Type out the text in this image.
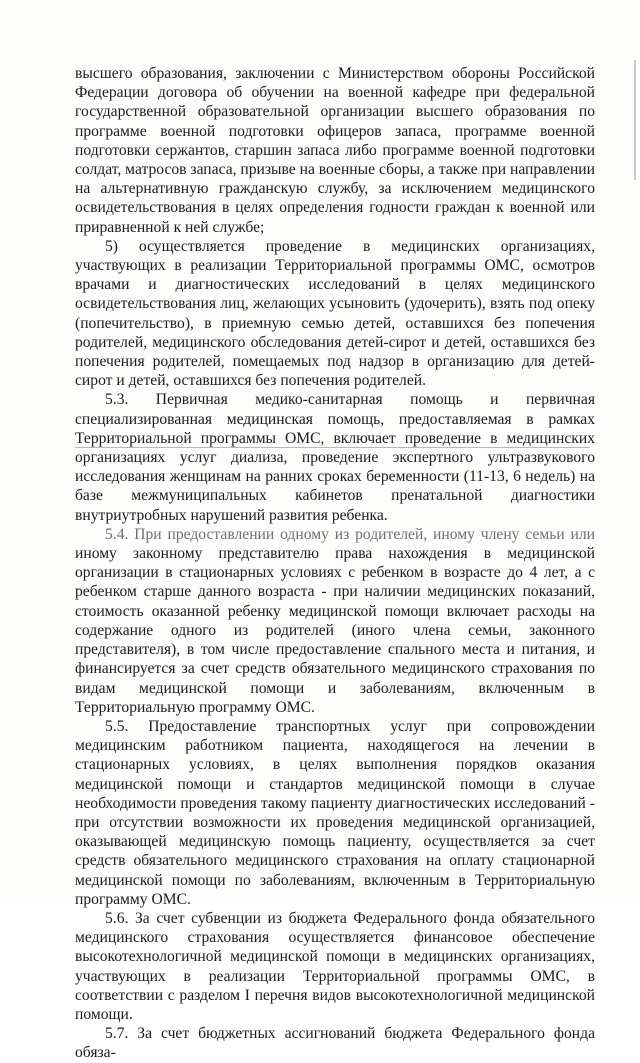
высшего образования, заключении с Министерством обороны Российской Федерации договора об обучении на военной кафедре при федеральной государственной образовательной организации высшего образования по программе военной подготовки офицеров запаса, программе военной подготовки сержантов, старшин запаса либо программе военной подготовки солдат, матросов запаса, призыве на военные сборы, а также при направлении на альтернативную гражданскую службу, за исключением медицинского освидетельствования в целях определения годности граждан к военной или приравненной к ней службе;

5) осуществляется проведение в медицинских организациях, участвующих в реализации Территориальной программы ОМС, осмотров врачами и диагностических исследований в целях медицинского освидетельствования лиц, желающих усыновить (удочерить), взять под опеку (попечительство), в приемную семью детей, оставшихся без попечения родителей, медицинского обследования детей-сирот и детей, оставшихся без попечения родителей, помещаемых под надзор в организацию для детей-сирот и детей, оставшихся без попечения родителей.

5.3. Первичная медико-санитарная помощь и первичная специализированная медицинская помощь, предоставляемая в рамках Территориальной программы ОМС, включает проведение в медицинских организациях услуг диализа, проведение экспертного ультразвукового исследования женщинам на ранних сроках беременности (11-13, 6 недель) на базе межмуниципальных кабинетов пренатальной диагностики внутриутробных нарушений развития ребенка.

5.4. При предоставлении одному из родителей, иному члену семьи или иному законному представителю права нахождения в медицинской организации в стационарных условиях с ребенком в возрасте до 4 лет, а с ребенком старше данного возраста - при наличии медицинских показаний, стоимость оказанной ребенку медицинской помощи включает расходы на содержание одного из родителей (иного члена семьи, законного представителя), в том числе предоставление спального места и питания, и финансируется за счет средств обязательного медицинского страхования по видам медицинской помощи и заболеваниям, включенным в Территориальную программу ОМС.

5.5. Предоставление транспортных услуг при сопровождении медицинским работником пациента, находящегося на лечении в стационарных условиях, в целях выполнения порядков оказания медицинской помощи и стандартов медицинской помощи в случае необходимости проведения такому пациенту диагностических исследований - при отсутствии возможности их проведения медицинской организацией, оказывающей медицинскую помощь пациенту, осуществляется за счет средств обязательного медицинского страхования на оплату стационарной медицинской помощи по заболеваниям, включенным в Территориальную программу ОМС.

5.6. За счет субвенции из бюджета Федерального фонда обязательного медицинского страхования осуществляется финансовое обеспечение высокотехнологичной медицинской помощи в медицинских организациях, участвующих в реализации Территориальной программы ОМС, в соответствии с разделом I перечня видов высокотехнологичной медицинской помощи.

5.7. За счет бюджетных ассигнований бюджета Федерального фонда обяза-
